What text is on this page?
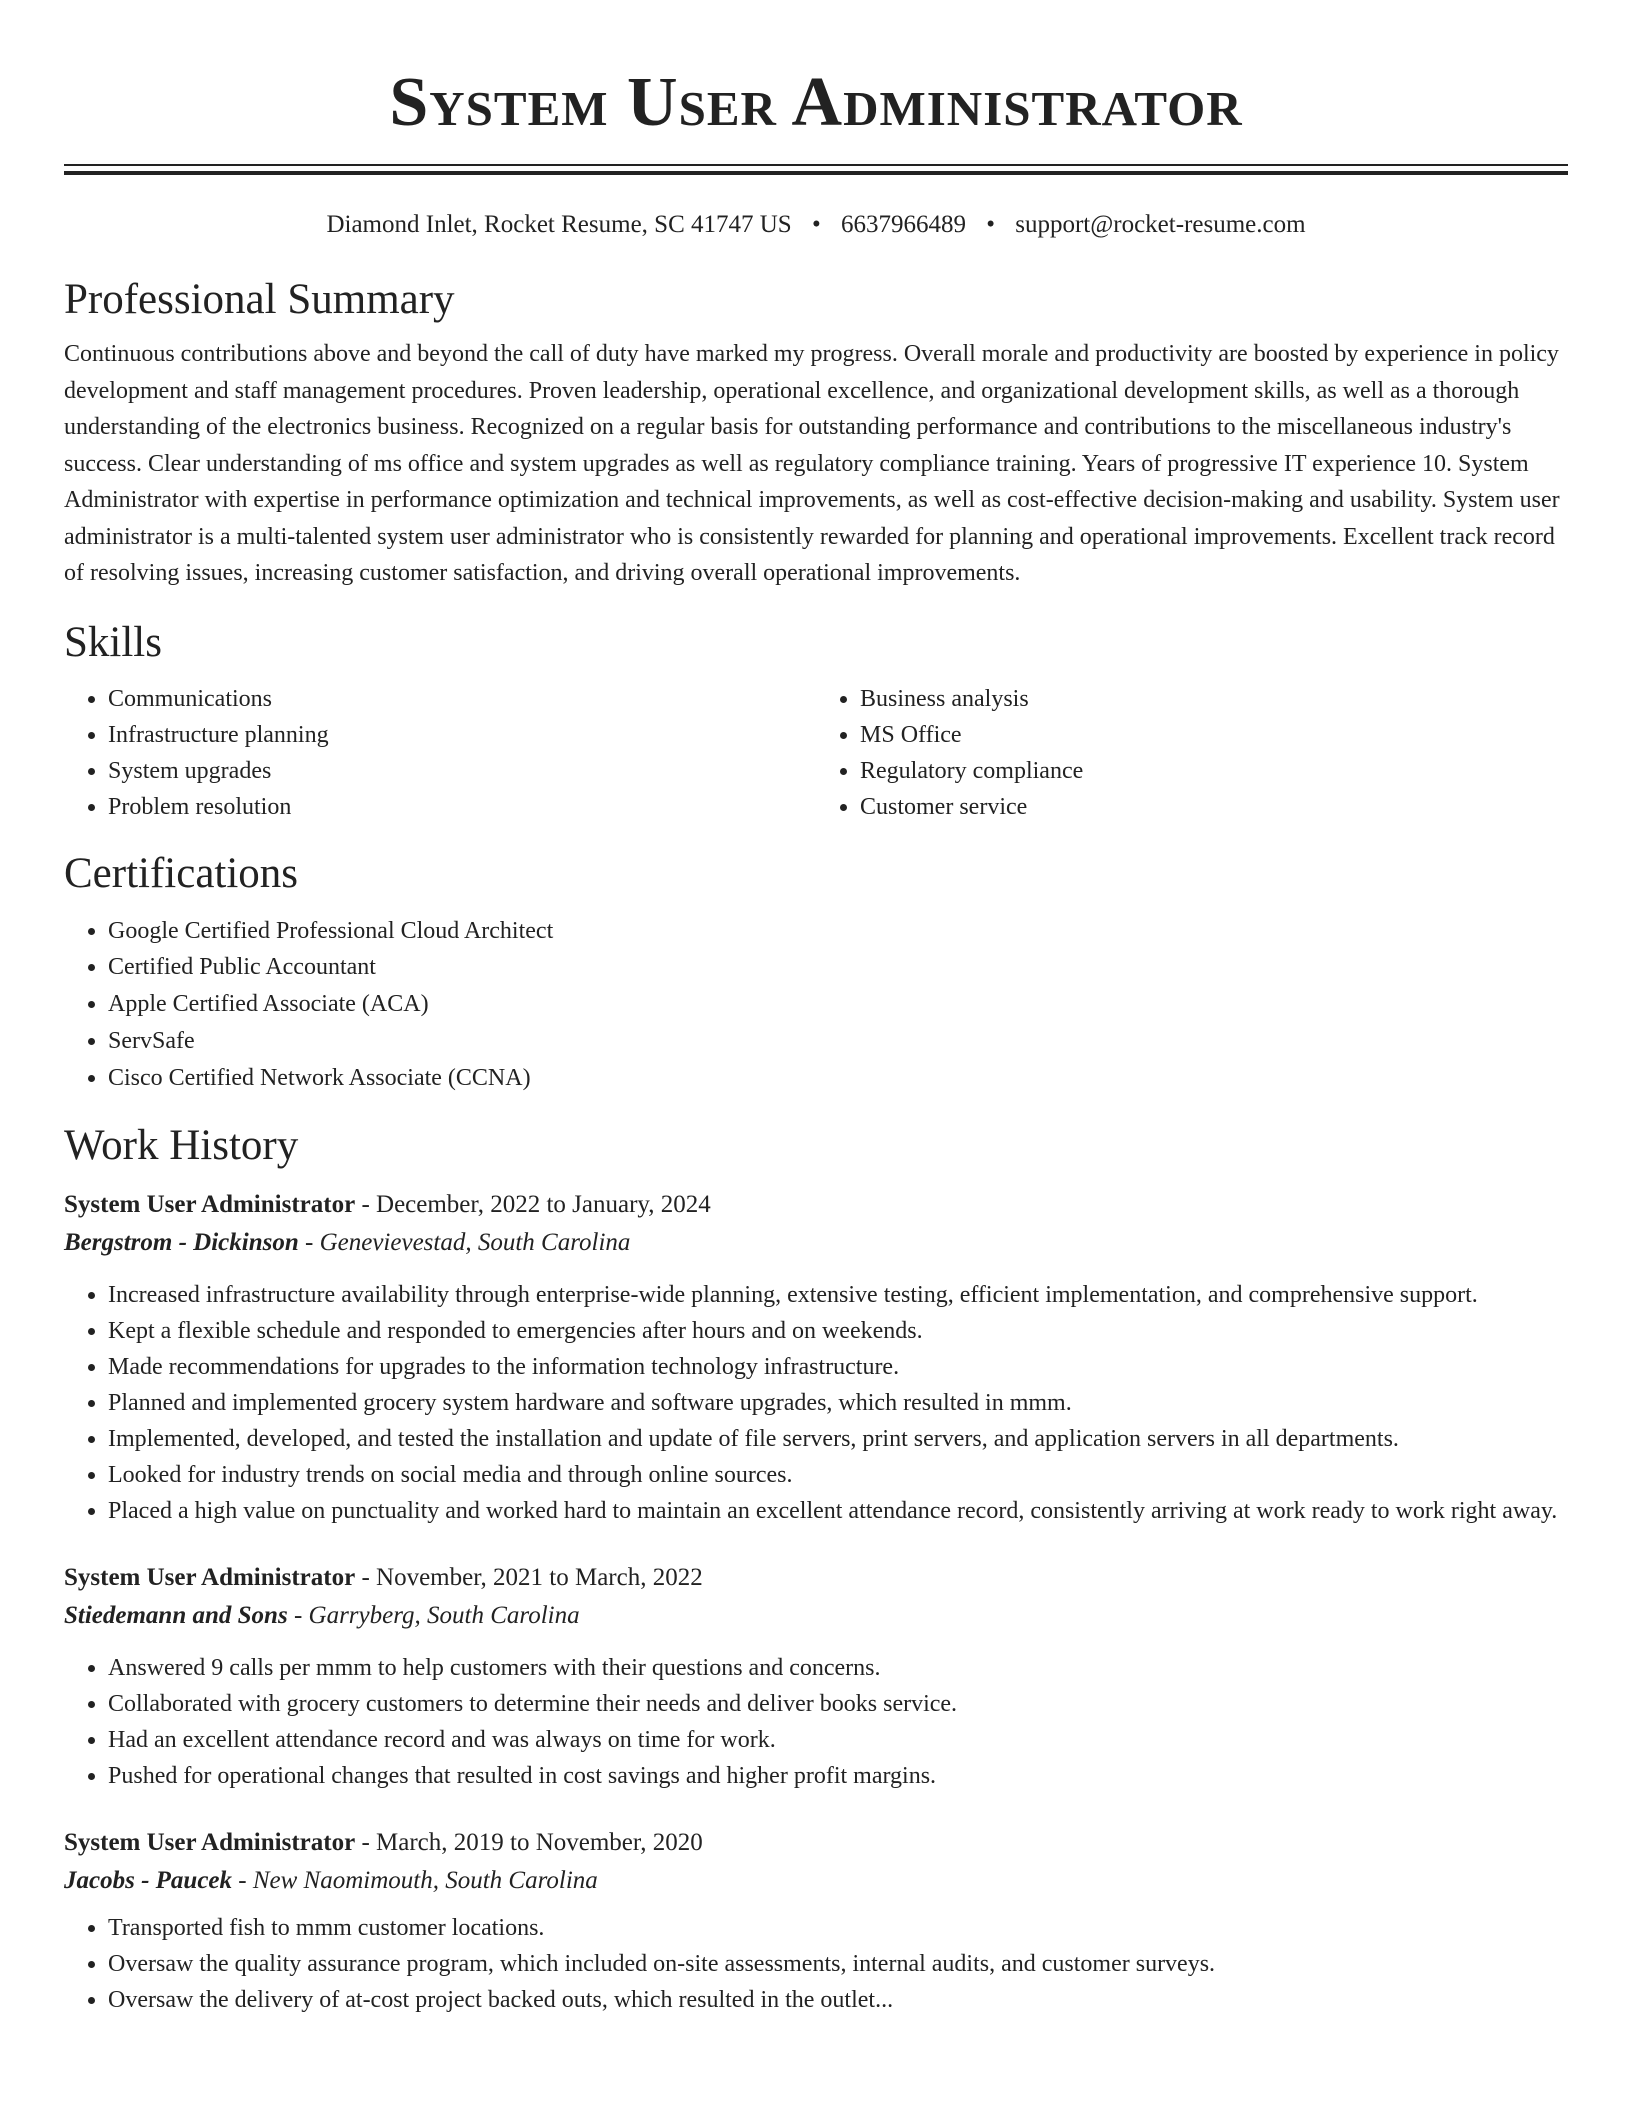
System User Administrator
Diamond Inlet, Rocket Resume, SC 41747 US • 6637966489 • support@rocket-resume.com
Professional Summary

Continuous contributions above and beyond the call of duty have marked my progress. Overall morale and productivity are boosted by experience in policy development and staff management procedures. Proven leadership, operational excellence, and organizational development skills, as well as a thorough understanding of the electronics business. Recognized on a regular basis for outstanding performance and contributions to the miscellaneous industry's success. Clear understanding of ms office and system upgrades as well as regulatory compliance training. Years of progressive IT experience 10. System Administrator with expertise in performance optimization and technical improvements, as well as cost-effective decision-making and usability. System user administrator is a multi-talented system user administrator who is consistently rewarded for planning and operational improvements. Excellent track record of resolving issues, increasing customer satisfaction, and driving overall operational improvements.

Skills
• Communications
• Infrastructure planning
• System upgrades
• Problem resolution
• Business analysis
• MS Office
• Regulatory compliance
• Customer service
Certifications
• Google Certified Professional Cloud Architect
• Certified Public Accountant
• Apple Certified Associate (ACA)
• ServSafe
• Cisco Certified Network Associate (CCNA)
Work History
System User Administrator - December, 2022 to January, 2024
Bergstrom - Dickinson - Genevievestad, South Carolina
• Increased infrastructure availability through enterprise-wide planning, extensive testing, efficient implementation, and comprehensive support.
• Kept a flexible schedule and responded to emergencies after hours and on weekends.
• Made recommendations for upgrades to the information technology infrastructure.
• Planned and implemented grocery system hardware and software upgrades, which resulted in mmm.
• Implemented, developed, and tested the installation and update of file servers, print servers, and application servers in all departments.
• Looked for industry trends on social media and through online sources.
• Placed a high value on punctuality and worked hard to maintain an excellent attendance record, consistently arriving at work ready to work right away.
System User Administrator - November, 2021 to March, 2022
Stiedemann and Sons - Garryberg, South Carolina
• Answered 9 calls per mmm to help customers with their questions and concerns.
• Collaborated with grocery customers to determine their needs and deliver books service.
• Had an excellent attendance record and was always on time for work.
• Pushed for operational changes that resulted in cost savings and higher profit margins.
System User Administrator - March, 2019 to November, 2020
Jacobs - Paucek - New Naomimouth, South Carolina
• Transported fish to mmm customer locations.
• Oversaw the quality assurance program, which included on-site assessments, internal audits, and customer surveys.
• Oversaw the delivery of at-cost project backed outs, which resulted in the outlet...
